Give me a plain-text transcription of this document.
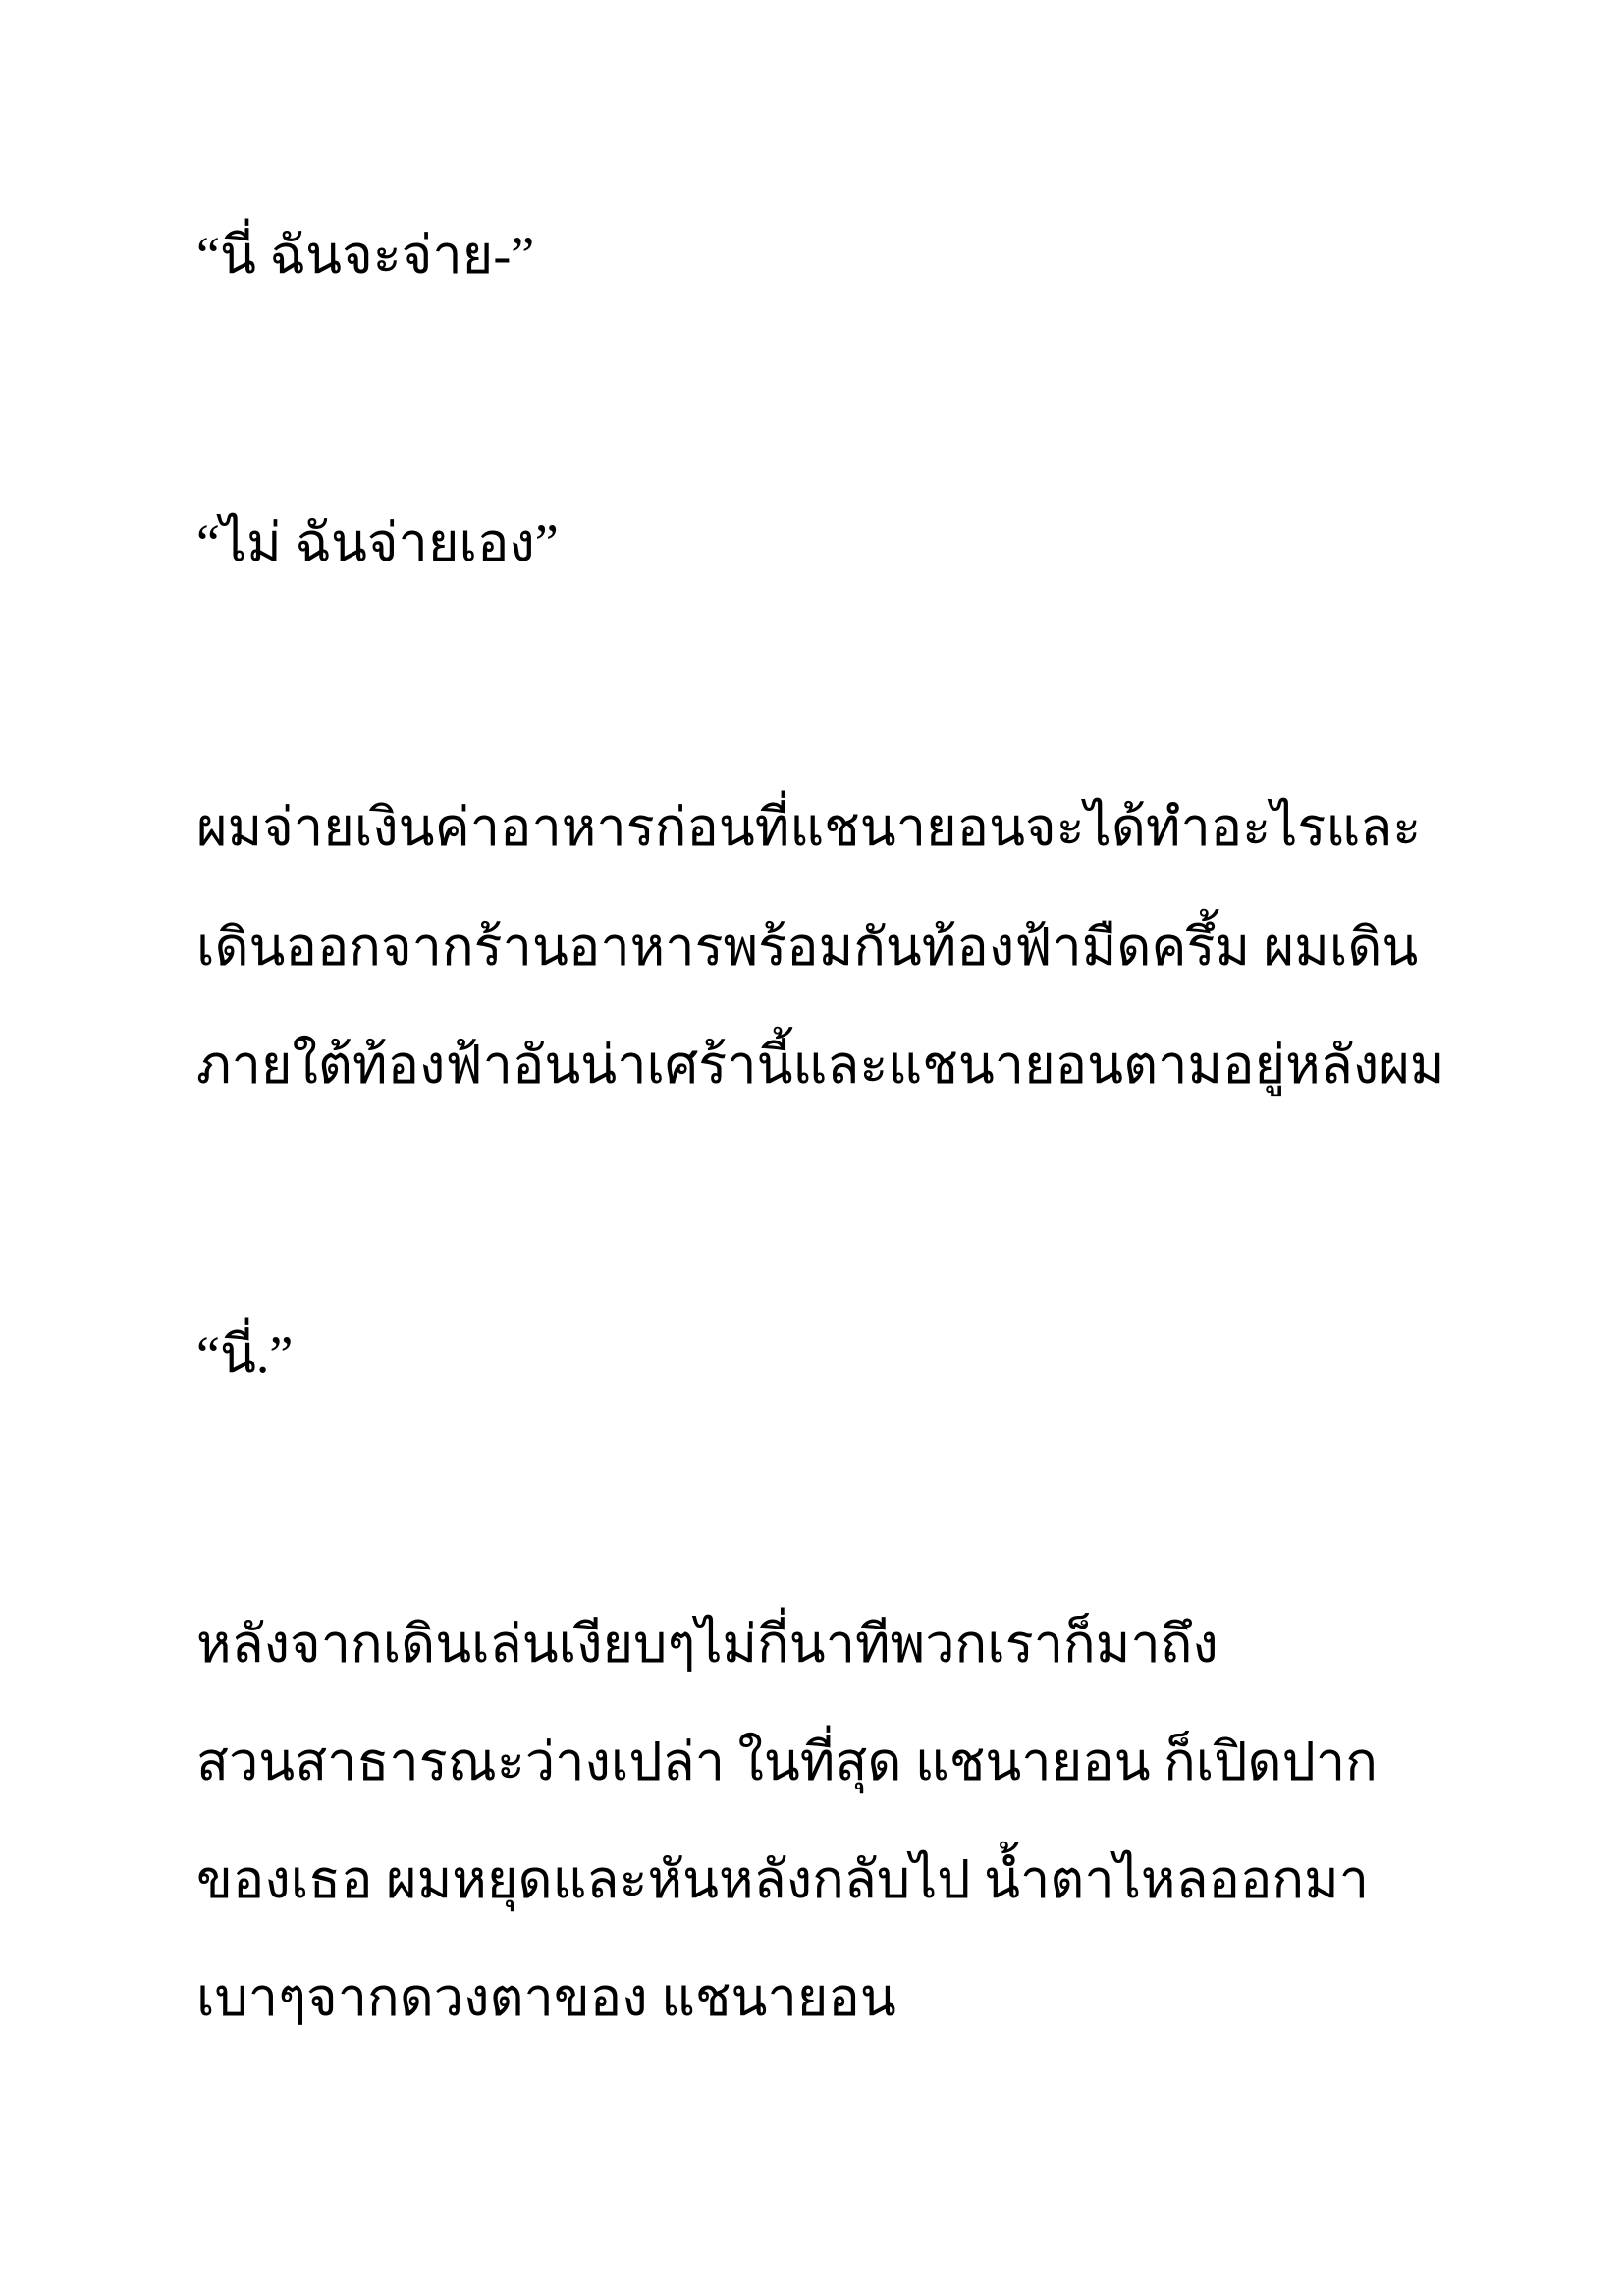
“นี่ ฉันจะจ่าย-”

“ไม่ ฉันจ่ายเอง”

ผมจ่ายเงินค่าอาหารก่อนที่แชนายอนจะได้ทำอะไรและ

เดินออกจากร้านอาหารพร้อมกันท้องฟ้ามืดครึ้ม ผมเดิน

ภายใต้ท้องฟ้าอันน่าเศร้านี้และแชนายอนตามอยู่หลังผม

“นี่.”

หลังจากเดินเล่นเงียบๆไม่กี่นาทีพวกเราก็มาถึง

สวนสาธารณะว่างเปล่า ในที่สุด แชนายอน ก็เปิดปาก

ของเธอ ผมหยุดและหันหลังกลับไป น้ำตาไหลออกมา

เบาๆจากดวงตาของ แชนายอน
